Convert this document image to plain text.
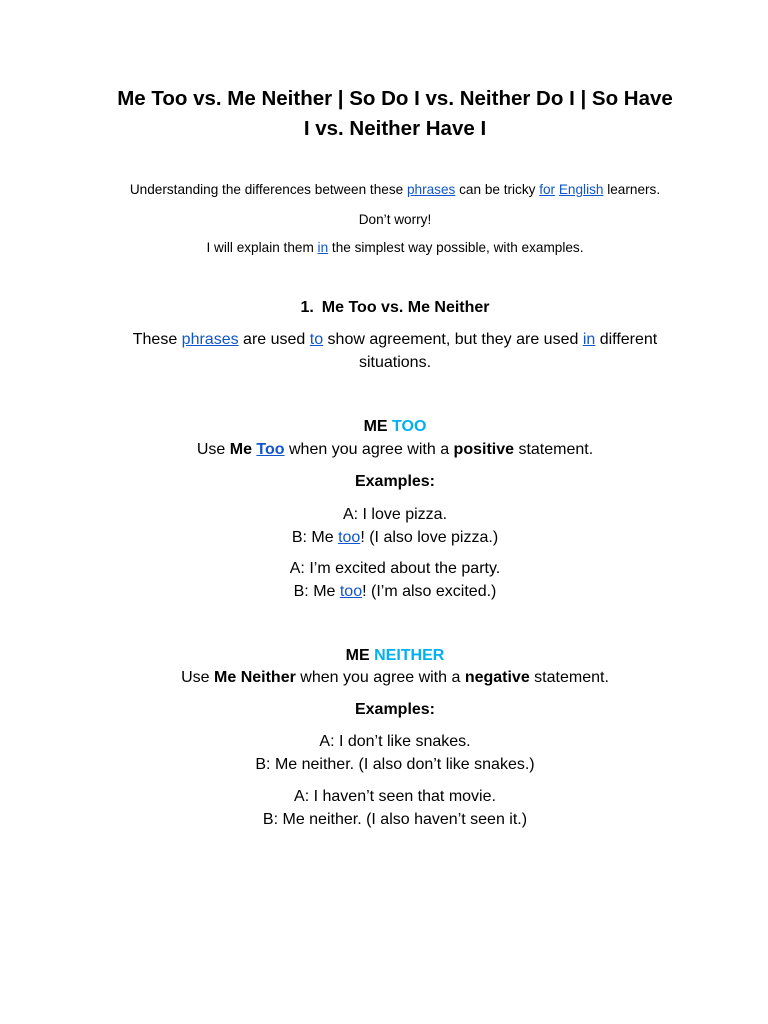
Me Too vs. Me Neither | So Do I vs. Neither Do I | So Have
I vs. Neither Have I

Understanding the differences between these phrases can be tricky for English learners.

Don’t worry!

I will explain them in the simplest way possible, with examples.

1. Me Too vs. Me Neither

These phrases are used to show agreement, but they are used in different
situations.

ME TOO

Use Me Too when you agree with a positive statement.

Examples:

A: I love pizza.
B: Me too! (I also love pizza.)

A: I’m excited about the party.
B: Me too! (I’m also excited.)

ME NEITHER

Use Me Neither when you agree with a negative statement.

Examples:

A: I don’t like snakes.
B: Me neither. (I also don’t like snakes.)

A: I haven’t seen that movie.
B: Me neither. (I also haven’t seen it.)
